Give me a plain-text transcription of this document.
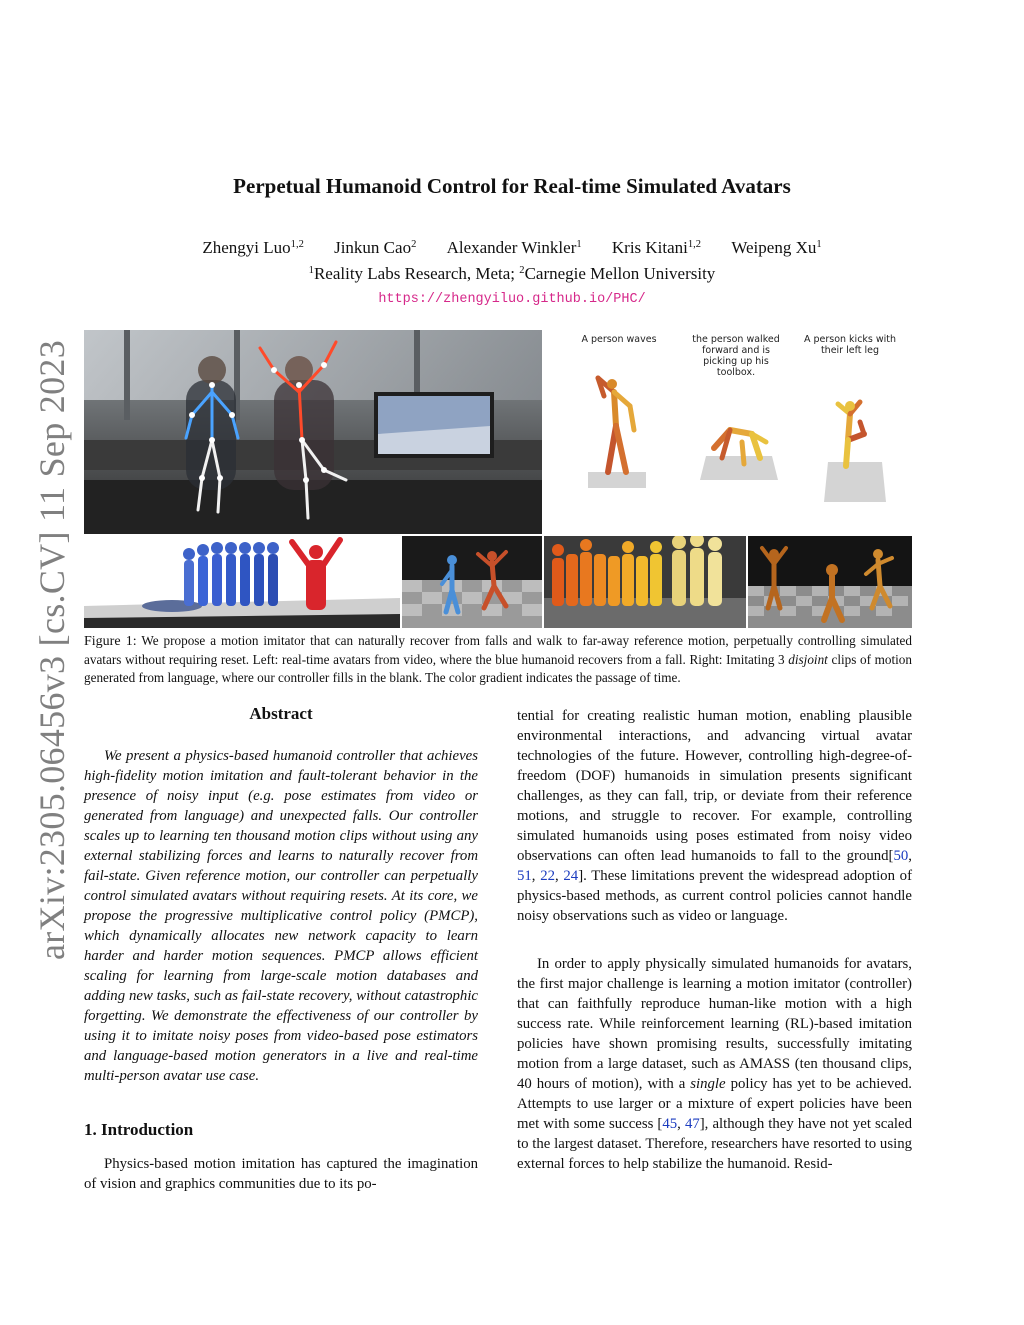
arXiv:2305.06456v3 [cs.CV] 11 Sep 2023
Perpetual Humanoid Control for Real-time Simulated Avatars
Zhengyi Luo$^{1,2}$ Jinkun Cao$^2$ Alexander Winkler$^1$ Kris Kitani$^{1,2}$ Weipeng Xu$^1$
$^1$Reality Labs Research, Meta; $^2$Carnegie Mellon University
https://zhengyiluo.github.io/PHC/
A person waves	the person walked forward and is picking up his toolbox.
A person kicks with their left leg
Figure 1: We propose a motion imitator that can naturally recover from falls and walk to far-away reference motion, perpetually controlling simulated avatars without requiring reset. Left: real-time avatars from video, where the blue humanoid recovers from a fall. Right: Imitating 3 disjoint clips of motion generated from language, where our controller fills in the blank. The color gradient indicates the passage of time.
Abstract
We present a physics-based humanoid controller that achieves high-fidelity motion imitation and fault-tolerant behavior in the presence of noisy input (e.g. pose estimates from video or generated from language) and unexpected falls. Our controller scales up to learning ten thousand motion clips without using any external stabilizing forces and learns to naturally recover from fail-state. Given reference motion, our controller can perpetually control simulated avatars without requiring resets. At its core, we propose the progressive multiplicative control policy (PMCP), which dynamically allocates new network capacity to learn harder and harder motion sequences. PMCP allows efficient scaling for learning from large-scale motion databases and adding new tasks, such as fail-state recovery, without catastrophic forgetting. We demonstrate the effectiveness of our controller by using it to imitate noisy poses from video-based pose estimators and language-based motion generators in a live and real-time multi-person avatar use case.
1. Introduction
Physics-based motion imitation has captured the imagination of vision and graphics communities due to its po-

tential for creating realistic human motion, enabling plausible environmental interactions, and advancing virtual avatar technologies of the future. However, controlling high-degree-of-freedom (DOF) humanoids in simulation presents significant challenges, as they can fall, trip, or deviate from their reference motions, and struggle to recover. For example, controlling simulated humanoids using poses estimated from noisy video observations can often lead humanoids to fall to the ground[50, 51, 22, 24]. These limitations prevent the widespread adoption of physics-based methods, as current control policies cannot handle noisy observations such as video or language.

In order to apply physically simulated humanoids for avatars, the first major challenge is learning a motion imitator (controller) that can faithfully reproduce human-like motion with a high success rate. While reinforcement learning (RL)-based imitation policies have shown promising results, successfully imitating motion from a large dataset, such as AMASS (ten thousand clips, 40 hours of motion), with a single policy has yet to be achieved. Attempts to use larger or a mixture of expert policies have been met with some success [45, 47], although they have not yet scaled to the largest dataset. Therefore, researchers have resorted to using external forces to help stabilize the humanoid. Resid-
